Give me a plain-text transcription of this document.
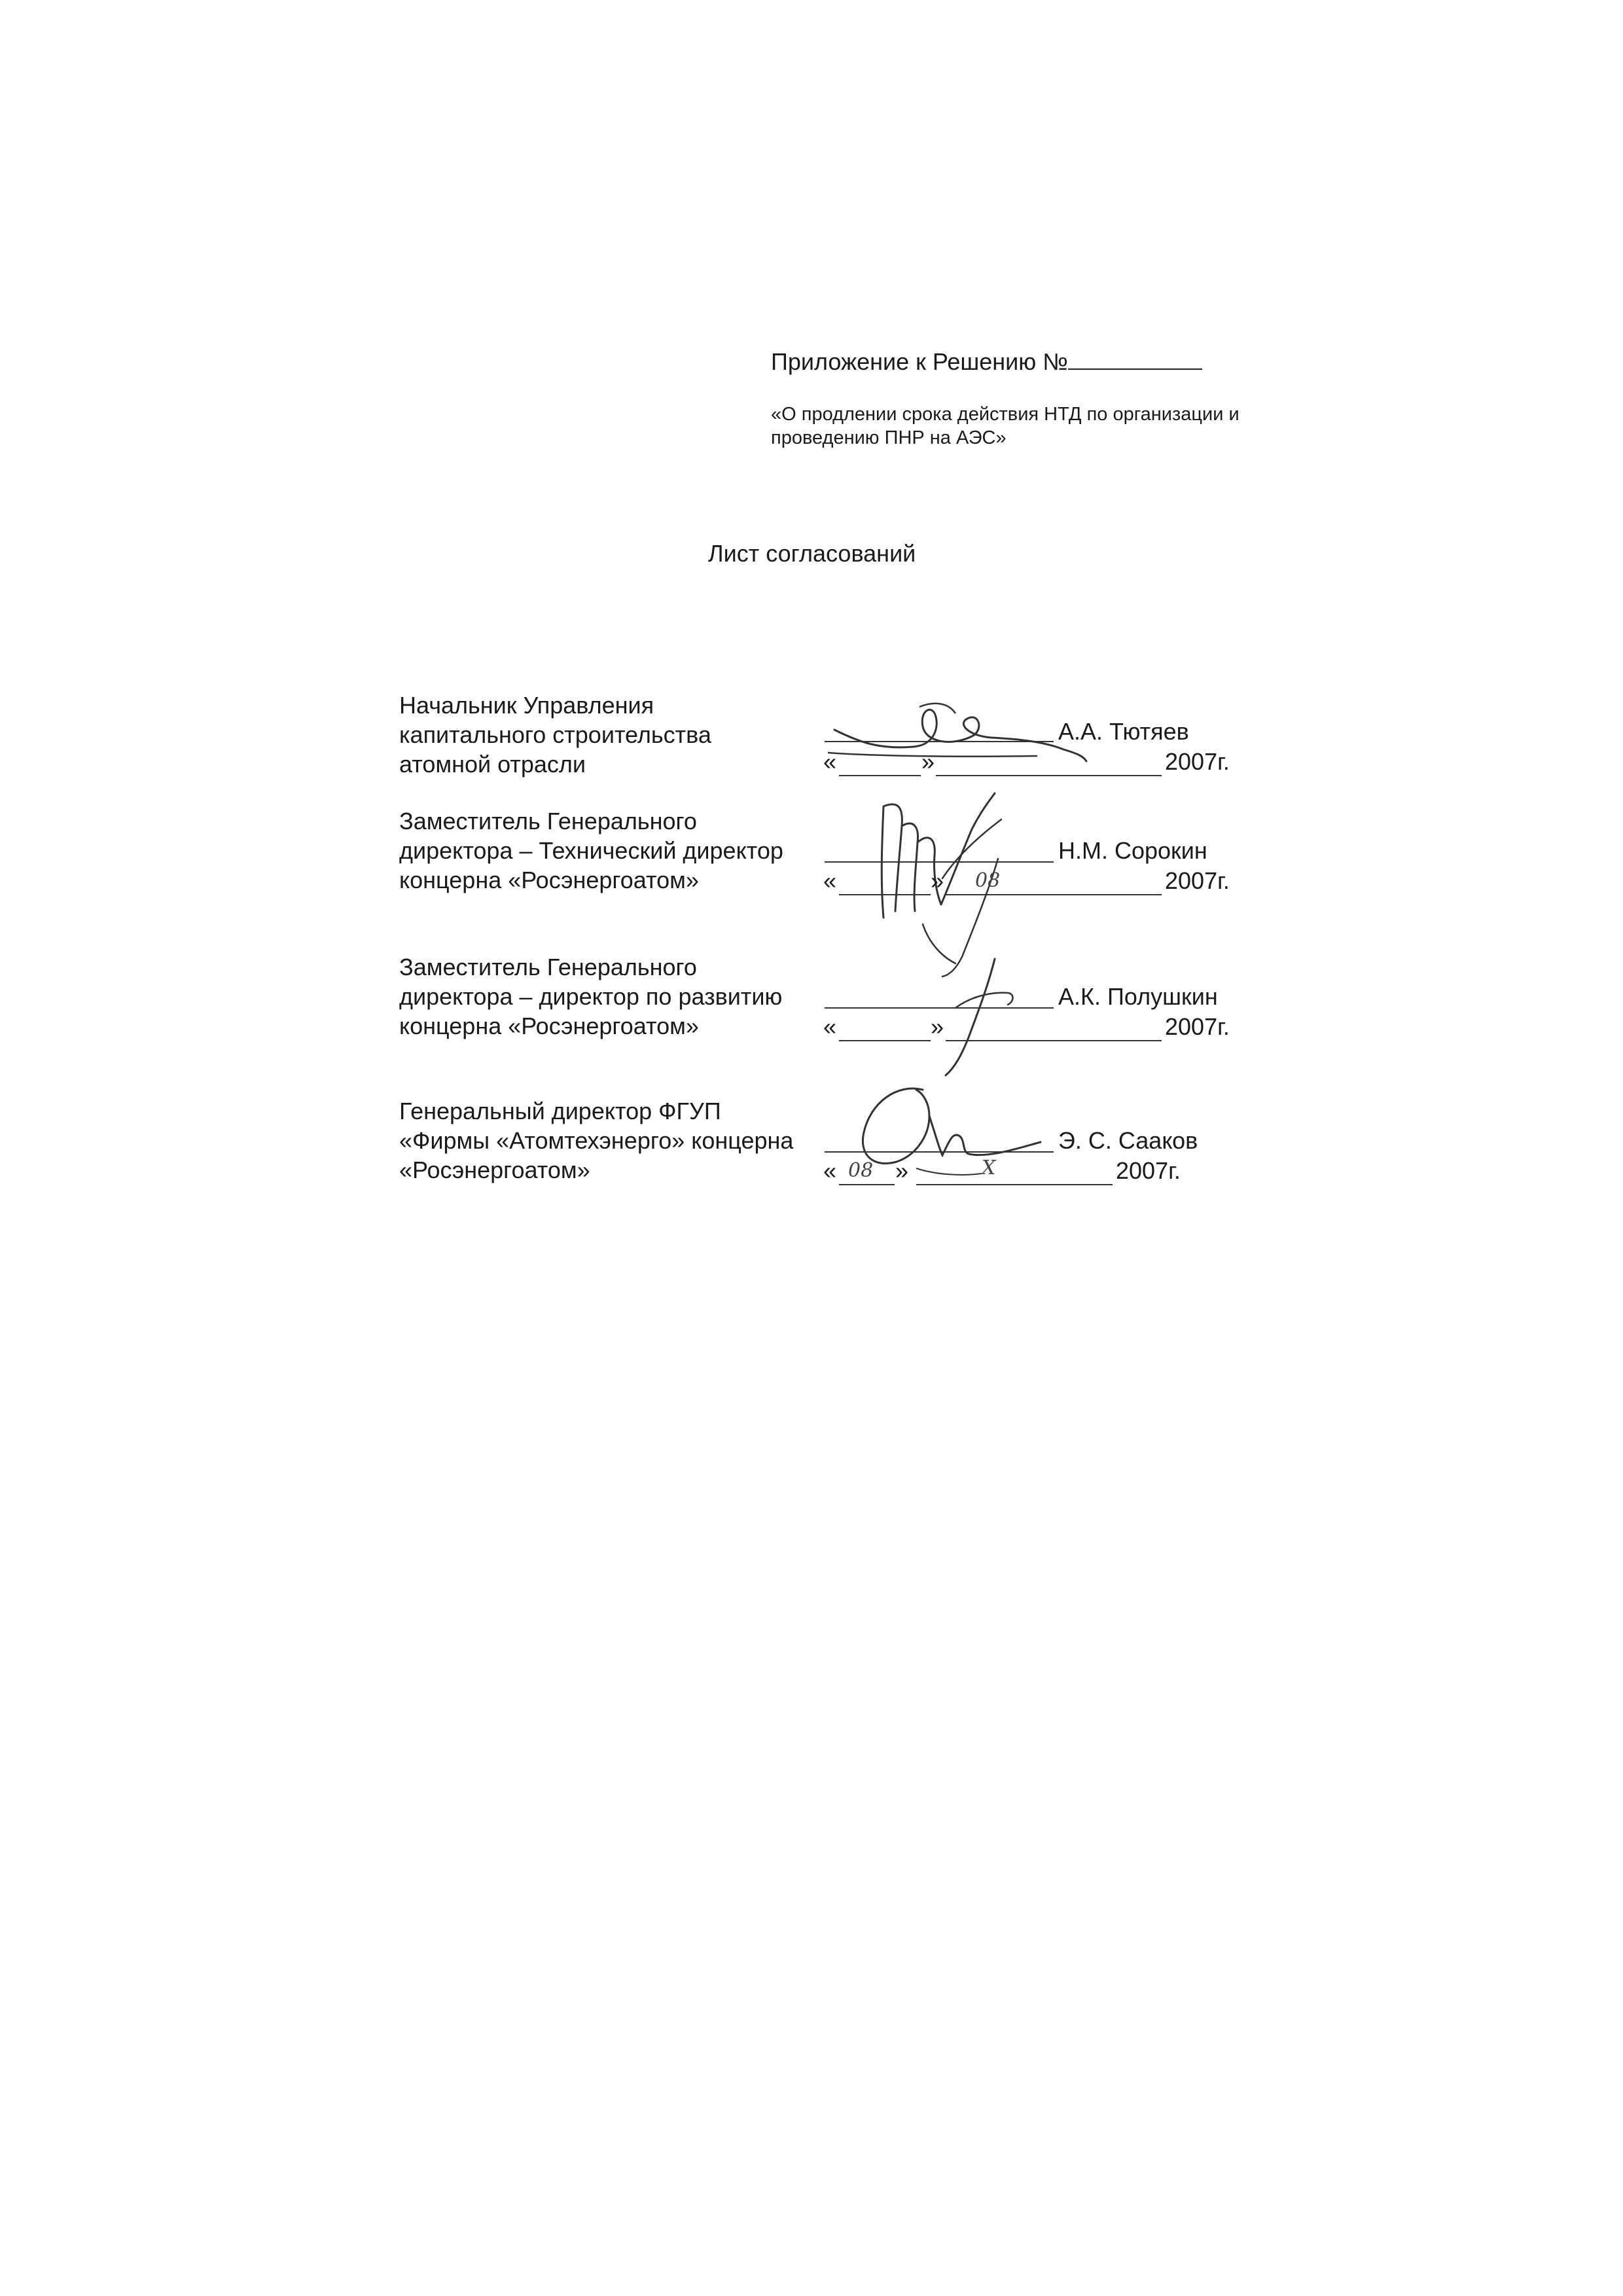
Приложение к Решению №
«О продлении срока действия НТД по организации и проведению ПНР на АЭС»
Лист согласований
Начальник Управления капитального строительства атомной отрасли
А.А. Тютяев
«	»	2007г.
Заместитель Генерального директора – Технический директор концерна «Росэнергоатом»
Н.М. Сорокин
«	» 08	2007г.
Заместитель Генерального директора – директор по развитию концерна «Росэнергоатом»
А.К. Полушкин
«	»	2007г.
Генеральный директор ФГУП «Фирмы «Атомтехэнерго» концерна «Росэнергоатом»
Э. С. Саакoв
« 08 »	X	2007г.
